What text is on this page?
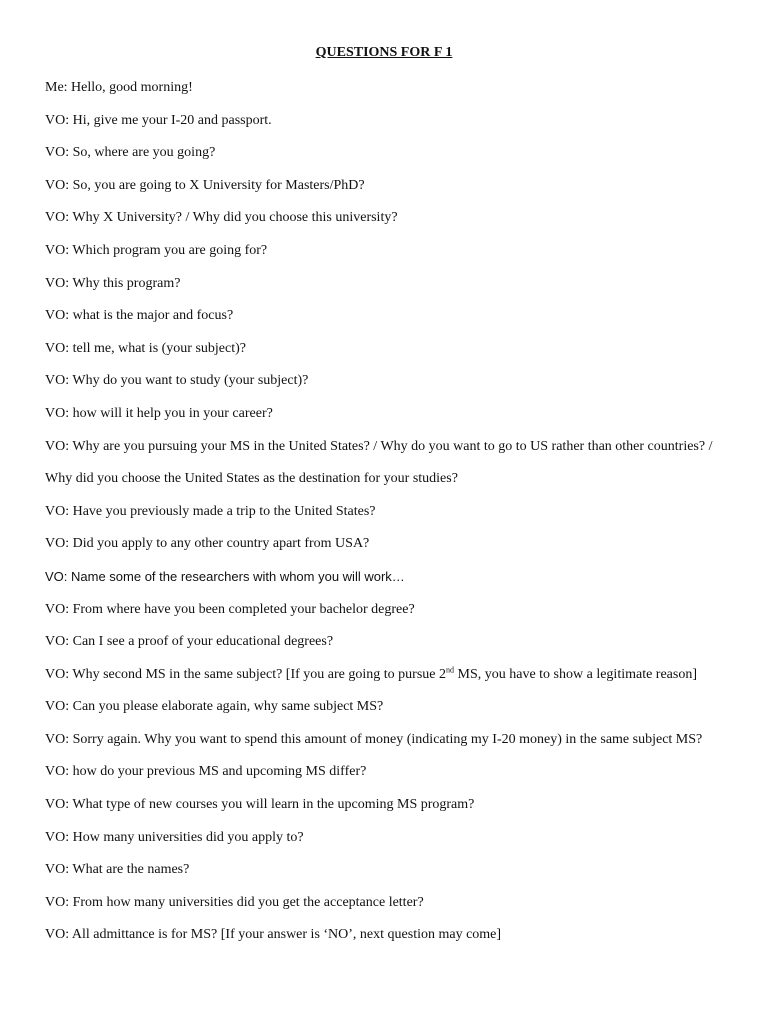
QUESTIONS FOR F 1
Me: Hello, good morning!
VO: Hi, give me your I-20 and passport.
VO: So, where are you going?
VO: So, you are going to X University for Masters/PhD?
VO: Why X University? / Why did you choose this university?
VO: Which program you are going for?
VO: Why this program?
VO: what is the major and focus?
VO: tell me, what is (your subject)?
VO: Why do you want to study (your subject)?
VO: how will it help you in your career?
VO: Why are you pursuing your MS in the United States? / Why do you want to go to US rather than other countries? /
Why did you choose the United States as the destination for your studies?
VO: Have you previously made a trip to the United States?
VO: Did you apply to any other country apart from USA?
VO: Name some of the researchers with whom you will work…
VO: From where have you been completed your bachelor degree?
VO: Can I see a proof of your educational degrees?
VO: Why second MS in the same subject? [If you are going to pursue 2nd MS, you have to show a legitimate reason]
VO: Can you please elaborate again, why same subject MS?
VO: Sorry again. Why you want to spend this amount of money (indicating my I-20 money) in the same subject MS?
VO: how do your previous MS and upcoming MS differ?
VO: What type of new courses you will learn in the upcoming MS program?
VO: How many universities did you apply to?
VO: What are the names?
VO: From how many universities did you get the acceptance letter?
VO: All admittance is for MS? [If your answer is ‘NO’, next question may come]
